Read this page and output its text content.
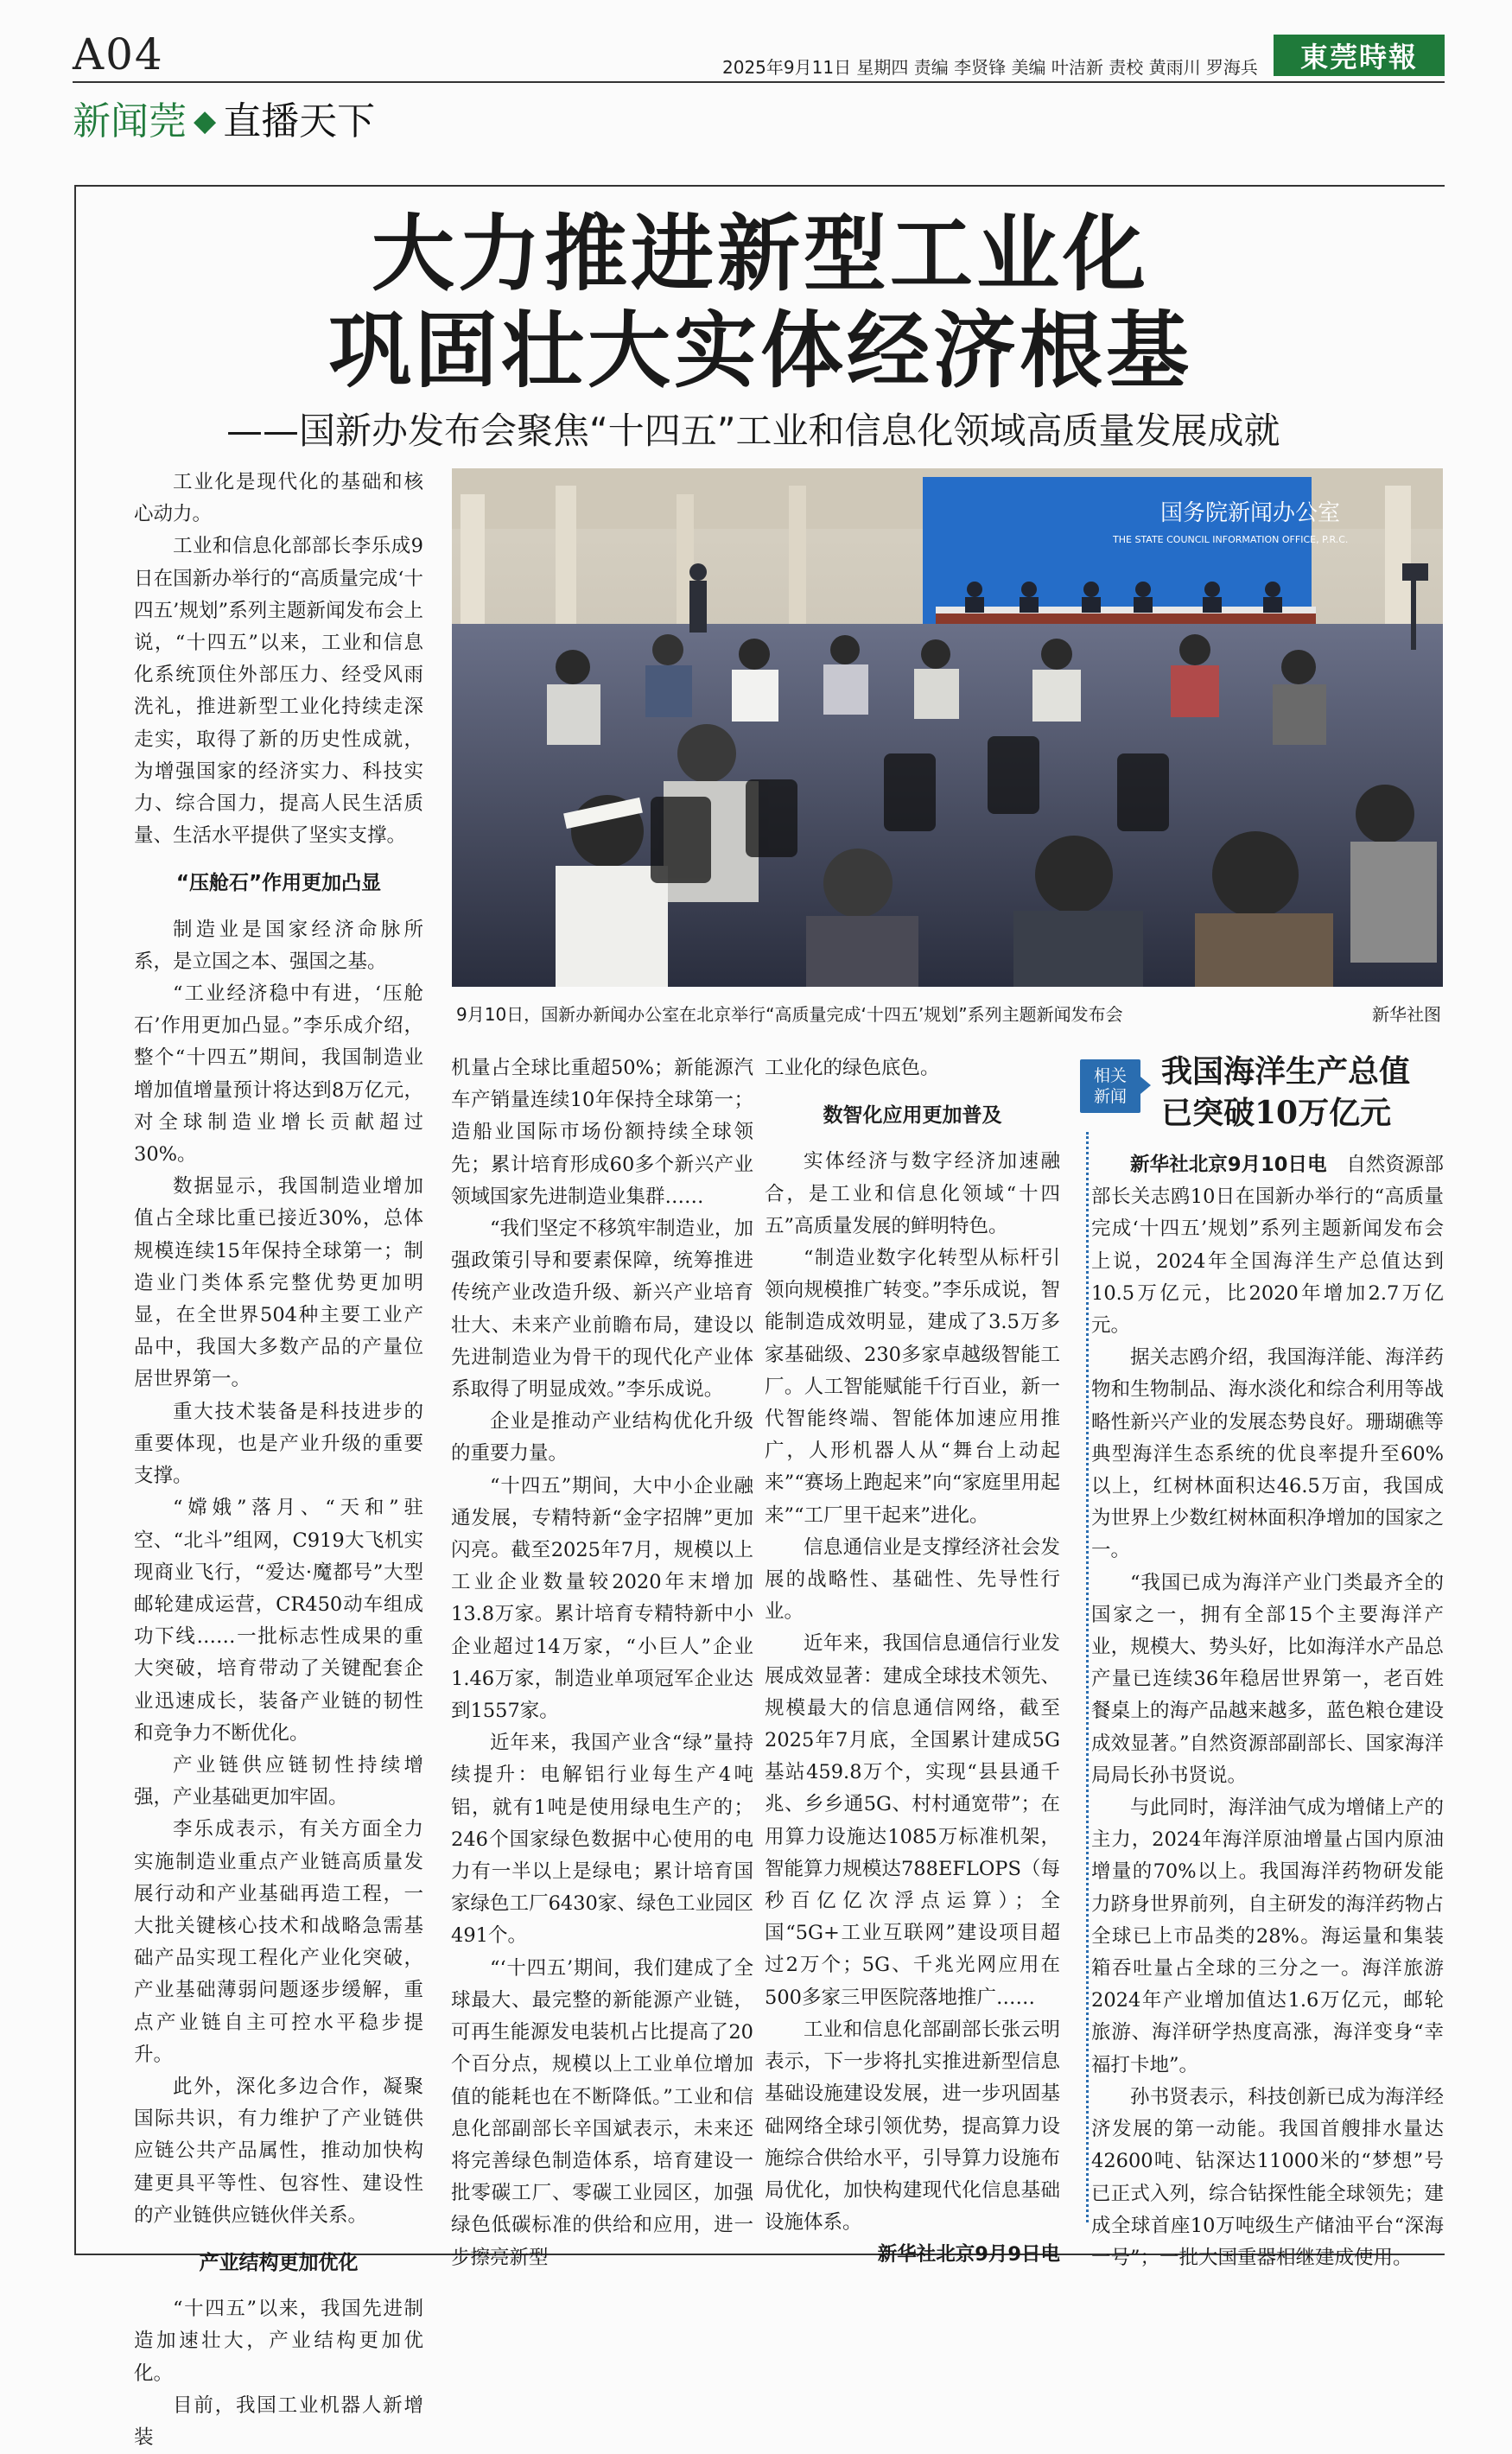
A04	2025年9月11日 星期四 责编 李贤锋 美编 叶洁新 责校 黄雨川 罗海兵	東莞時報
新闻莞 ◆ 直播天下
大力推进新型工业化
巩固壮大实体经济根基
——国新办发布会聚焦“十四五”工业和信息化领域高质量发展成就

工业化是现代化的基础和核心动力。

工业和信息化部部长李乐成9日在国新办举行的“高质量完成‘十四五’规划”系列主题新闻发布会上说，“十四五”以来，工业和信息化系统顶住外部压力、经受风雨洗礼，推进新型工业化持续走深走实，取得了新的历史性成就，为增强国家的经济实力、科技实力、综合国力，提高人民生活质量、生活水平提供了坚实支撑。

“压舱石”作用更加凸显

制造业是国家经济命脉所系，是立国之本、强国之基。

“工业经济稳中有进，‘压舱石’作用更加凸显。”李乐成介绍，整个“十四五”期间，我国制造业增加值增量预计将达到8万亿元，对全球制造业增长贡献超过30%。

数据显示，我国制造业增加值占全球比重已接近30%，总体规模连续15年保持全球第一；制造业门类体系完整优势更加明显，在全世界504种主要工业产品中，我国大多数产品的产量位居世界第一。

重大技术装备是科技进步的重要体现，也是产业升级的重要支撑。

“嫦娥”落月、“天和”驻空、“北斗”组网，C919大飞机实现商业飞行，“爱达·魔都号”大型邮轮建成运营，CR450动车组成功下线……一批标志性成果的重大突破，培育带动了关键配套企业迅速成长，装备产业链的韧性和竞争力不断优化。

产业链供应链韧性持续增强，产业基础更加牢固。

李乐成表示，有关方面全力实施制造业重点产业链高质量发展行动和产业基础再造工程，一大批关键核心技术和战略急需基础产品实现工程化产业化突破，产业基础薄弱问题逐步缓解，重点产业链自主可控水平稳步提升。

此外，深化多边合作，凝聚国际共识，有力维护了产业链供应链公共产品属性，推动加快构建更具平等性、包容性、建设性的产业链供应链伙伴关系。

产业结构更加优化

“十四五”以来，我国先进制造加速壮大，产业结构更加优化。

目前，我国工业机器人新增装

国务院新闻办公室
THE STATE COUNCIL INFORMATION OFFICE, P.R.C.
9月10日，国新办新闻办公室在北京举行“高质量完成‘十四五’规划”系列主题新闻发布会	新华社图

机量占全球比重超50%；新能源汽车产销量连续10年保持全球第一；造船业国际市场份额持续全球领先；累计培育形成60多个新兴产业领域国家先进制造业集群……

“我们坚定不移筑牢制造业，加强政策引导和要素保障，统筹推进传统产业改造升级、新兴产业培育壮大、未来产业前瞻布局，建设以先进制造业为骨干的现代化产业体系取得了明显成效。”李乐成说。

企业是推动产业结构优化升级的重要力量。

“十四五”期间，大中小企业融通发展，专精特新“金字招牌”更加闪亮。截至2025年7月，规模以上工业企业数量较2020年末增加13.8万家。累计培育专精特新中小企业超过14万家，“小巨人”企业1.46万家，制造业单项冠军企业达到1557家。

近年来，我国产业含“绿”量持续提升：电解铝行业每生产4吨铝，就有1吨是使用绿电生产的；246个国家绿色数据中心使用的电力有一半以上是绿电；累计培育国家绿色工厂6430家、绿色工业园区491个。

“‘十四五’期间，我们建成了全球最大、最完整的新能源产业链，可再生能源发电装机占比提高了20个百分点，规模以上工业单位增加值的能耗也在不断降低。”工业和信息化部副部长辛国斌表示，未来还将完善绿色制造体系，培育建设一批零碳工厂、零碳工业园区，加强绿色低碳标准的供给和应用，进一步擦亮新型

工业化的绿色底色。

数智化应用更加普及

实体经济与数字经济加速融合，是工业和信息化领域“十四五”高质量发展的鲜明特色。

“制造业数字化转型从标杆引领向规模推广转变。”李乐成说，智能制造成效明显，建成了3.5万多家基础级、230多家卓越级智能工厂。人工智能赋能千行百业，新一代智能终端、智能体加速应用推广，人形机器人从“舞台上动起来”“赛场上跑起来”向“家庭里用起来”“工厂里干起来”进化。

信息通信业是支撑经济社会发展的战略性、基础性、先导性行业。

近年来，我国信息通信行业发展成效显著：建成全球技术领先、规模最大的信息通信网络，截至2025年7月底，全国累计建成5G基站459.8万个，实现“县县通千兆、乡乡通5G、村村通宽带”；在用算力设施达1085万标准机架，智能算力规模达788EFLOPS（每秒百亿亿次浮点运算）；全国“5G+工业互联网”建设项目超过2万个；5G、千兆光网应用在500多家三甲医院落地推广……

工业和信息化部副部长张云明表示，下一步将扎实推进新型信息基础设施建设发展，进一步巩固基础网络全球引领优势，提高算力设施综合供给水平，引导算力设施布局优化，加快构建现代化信息基础设施体系。

新华社北京9月9日电

相关
新闻
我国海洋生产总值
已突破10万亿元

新华社北京9月10日电　 自然资源部部长关志鸥10日在国新办举行的“高质量完成‘十四五’规划”系列主题新闻发布会上说，2024年全国海洋生产总值达到10.5万亿元，比2020年增加2.7万亿元。

据关志鸥介绍，我国海洋能、海洋药物和生物制品、海水淡化和综合利用等战略性新兴产业的发展态势良好。珊瑚礁等典型海洋生态系统的优良率提升至60%以上，红树林面积达46.5万亩，我国成为世界上少数红树林面积净增加的国家之一。

“我国已成为海洋产业门类最齐全的国家之一，拥有全部15个主要海洋产业，规模大、势头好，比如海洋水产品总产量已连续36年稳居世界第一，老百姓餐桌上的海产品越来越多，蓝色粮仓建设成效显著。”自然资源部副部长、国家海洋局局长孙书贤说。

与此同时，海洋油气成为增储上产的主力，2024年海洋原油增量占国内原油增量的70%以上。我国海洋药物研发能力跻身世界前列，自主研发的海洋药物占全球已上市品类的28%。海运量和集装箱吞吐量占全球的三分之一。海洋旅游2024年产业增加值达1.6万亿元，邮轮旅游、海洋研学热度高涨，海洋变身“幸福打卡地”。

孙书贤表示，科技创新已成为海洋经济发展的第一动能。我国首艘排水量达42600吨、钻深达11000米的“梦想”号已正式入列，综合钻探性能全球领先；建成全球首座10万吨级生产储油平台“深海一号”；一批大国重器相继建成使用。
